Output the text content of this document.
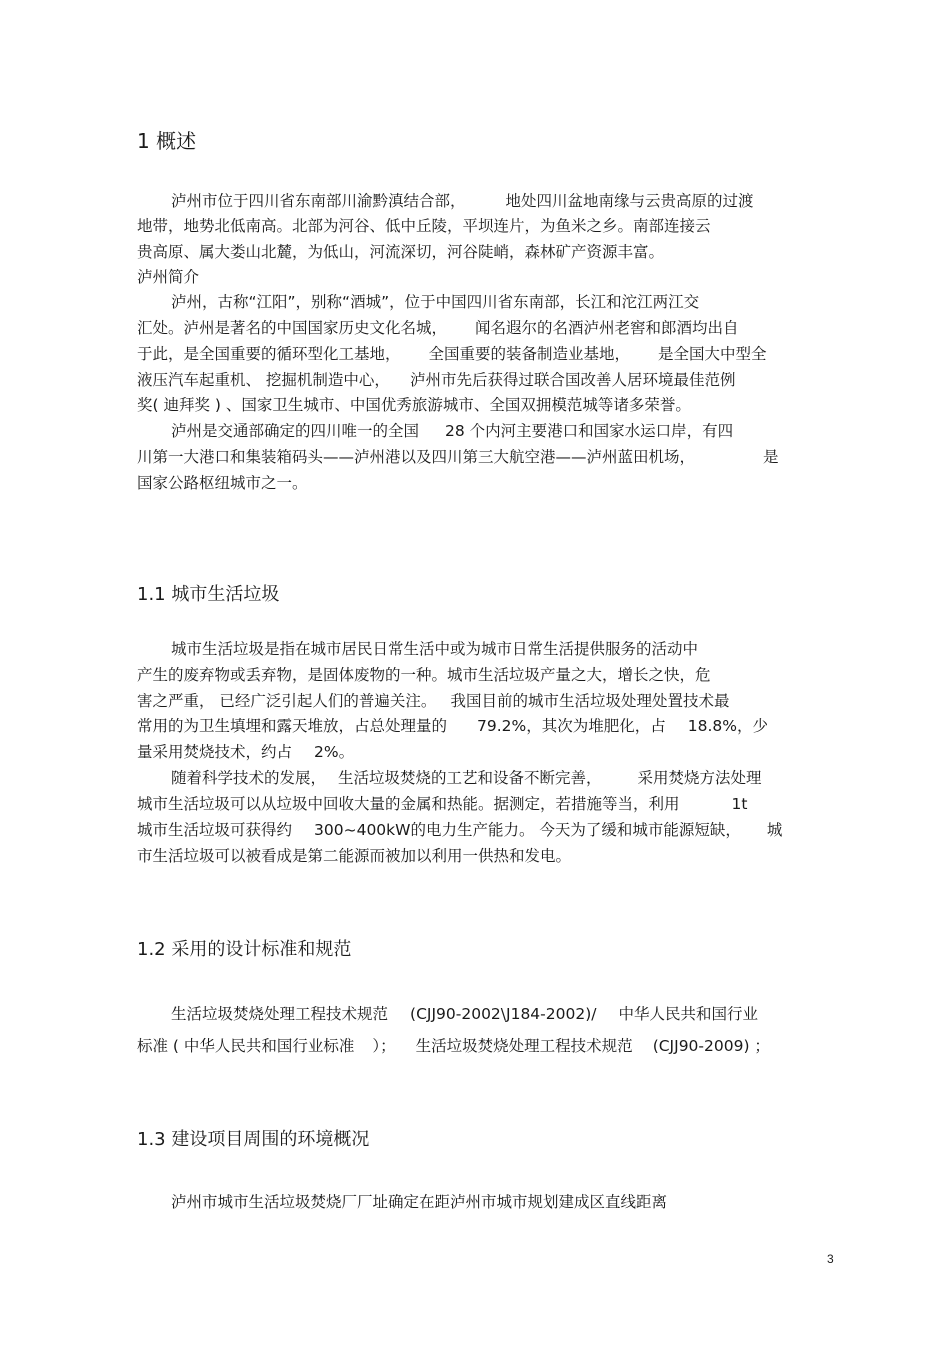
1 概述

泸州市位于四川省东南部川渝黔滇结合部，	地处四川盆地南缘与云贵高原的过渡

地带，地势北低南高。北部为河谷、低中丘陵，平坝连片，为鱼米之乡。南部连接云

贵高原、属大娄山北麓，为低山，河流深切，河谷陡峭，森林矿产资源丰富。

泸州简介

泸州，古称“江阳”，别称“酒城”，位于中国四川省东南部，长江和沱江两江交

汇处。泸州是著名的中国国家历史文化名城， 闻名遐尔的名酒泸州老窖和郎酒均出自

于此，是全国重要的循环型化工基地， 全国重要的装备制造业基地， 是全国大中型全

液压汽车起重机、 挖掘机制造中心， 泸州市先后获得过联合国改善人居环境最佳范例

奖( 迪拜奖 ) 、国家卫生城市、中国优秀旅游城市、全国双拥模范城等诸多荣誉。

泸州是交通部确定的四川唯一的全国 28 个内河主要港口和国家水运口岸，有四

川第一大港口和集装箱码头——泸州港以及四川第三大航空港——泸州蓝田机场，	是

国家公路枢纽城市之一。

1.1 城市生活垃圾

城市生活垃圾是指在城市居民日常生活中或为城市日常生活提供服务的活动中

产生的废弃物或丢弃物，是固体废物的一种。城市生活垃圾产量之大，增长之快，危

害之严重， 已经广泛引起人们的普遍关注。 我国目前的城市生活垃圾处理处置技术最

常用的为卫生填埋和露天堆放，占总处理量的 79.2%，其次为堆肥化，占 18.8%，少

量采用焚烧技术，约占 2%。

随着科学技术的发展， 生活垃圾焚烧的工艺和设备不断完善， 采用焚烧方法处理

城市生活垃圾可以从垃圾中回收大量的金属和热能。据测定，若措施等当，利用	1t

城市生活垃圾可获得约 300~400kW的电力生产能力。 今天为了缓和城市能源短缺， 城

市生活垃圾可以被看成是第二能源而被加以利用一供热和发电。

1.2 采用的设计标准和规范

生活垃圾焚烧处理工程技术规范 (CJJ90-2002\J184-2002)/ 中华人民共和国行业

标准 ( 中华人民共和国行业标准 ）； 生活垃圾焚烧处理工程技术规范 (CJJ90-2009) ；

1.3 建设项目周围的环境概况

泸州市城市生活垃圾焚烧厂厂址确定在距泸州市城市规划建成区直线距离

3
